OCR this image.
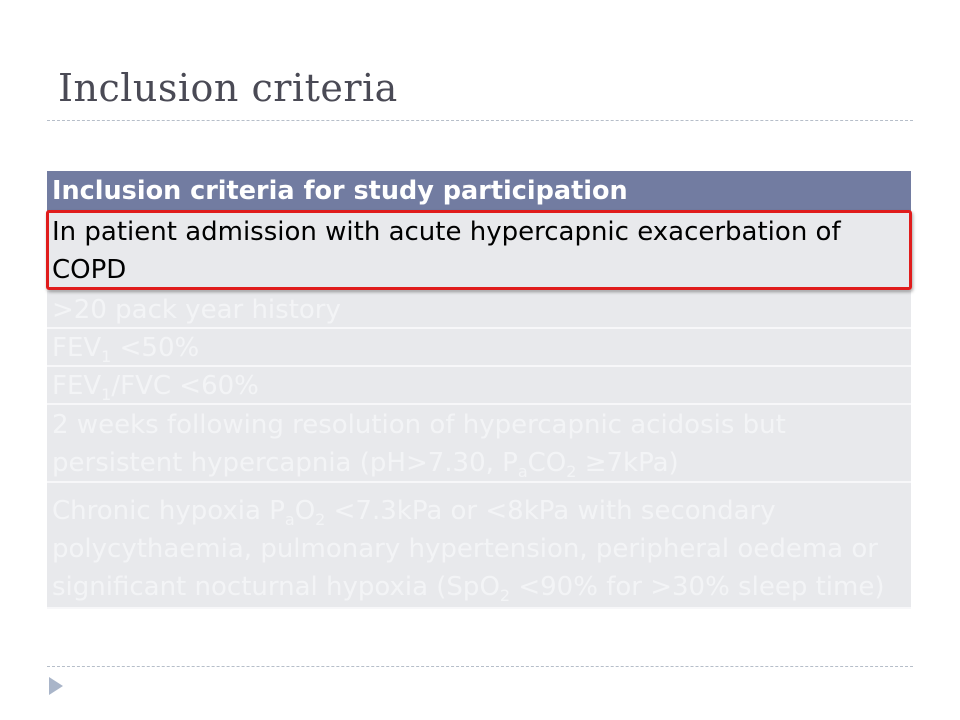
Inclusion criteria
Inclusion criteria for study participation
In patient admission with acute hypercapnic exacerbation of COPD
>20 pack year history
$FEV_1 <50\%$
$FEV_1$/FVC <60%
2 weeks following resolution of hypercapnic acidosis but
persistent hypercapnia (pH>7.30, $P_aCO_2 \ge 7kPa$)
Chronic hypoxia $P_aO_2 <7.3kPa$ or <8kPa with secondary
polycythaemia, pulmonary hypertension, peripheral oedema or
significant nocturnal hypoxia (SpO$_2$ <90% for >30% sleep time)
